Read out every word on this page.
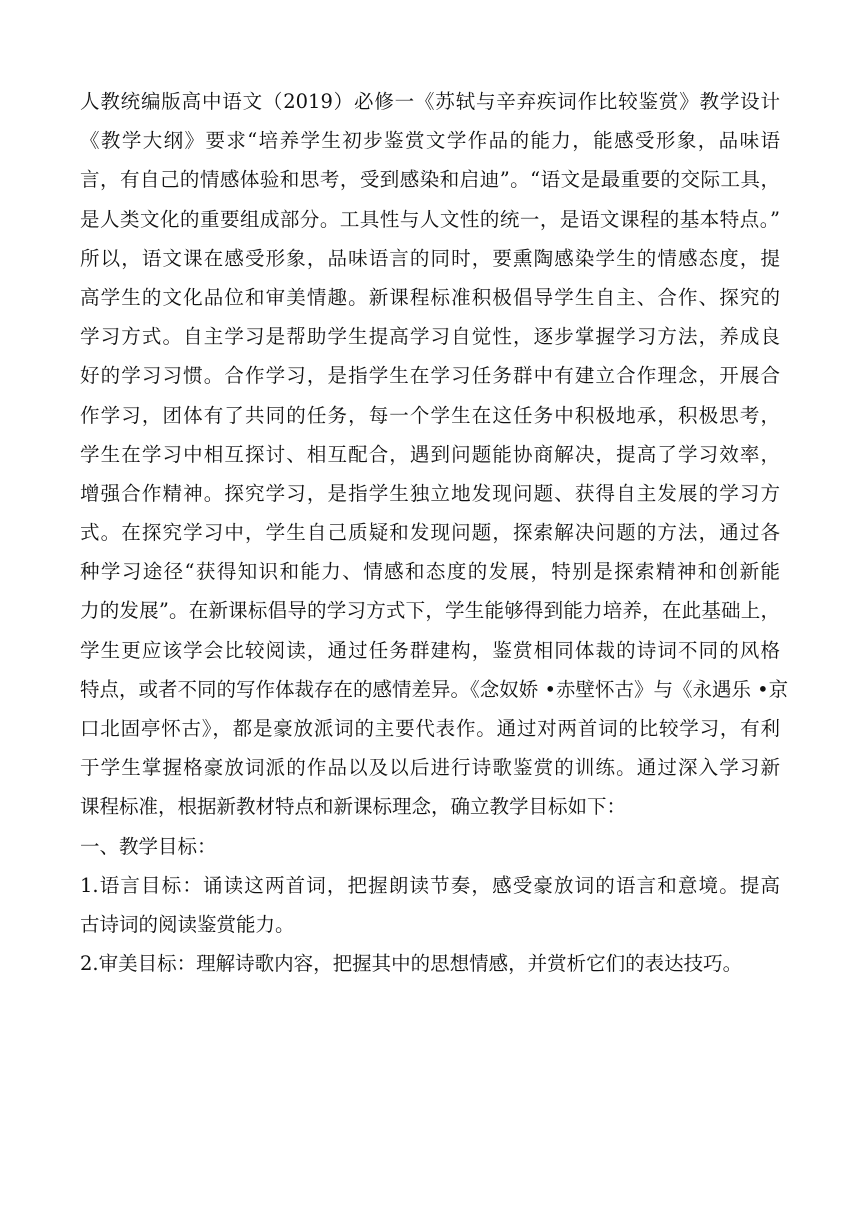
人教统编版高中语文（2019）必修一《苏轼与辛弃疾词作比较鉴赏》教学设计
《教学大纲》要求“培养学生初步鉴赏文学作品的能力，能感受形象，品味语
言，有自己的情感体验和思考，受到感染和启迪”。“语文是最重要的交际工具，
是人类文化的重要组成部分。工具性与人文性的统一，是语文课程的基本特点。”
所以，语文课在感受形象，品味语言的同时，要熏陶感染学生的情感态度，提
高学生的文化品位和审美情趣。新课程标准积极倡导学生自主、合作、探究的
学习方式。自主学习是帮助学生提高学习自觉性，逐步掌握学习方法，养成良
好的学习习惯。合作学习，是指学生在学习任务群中有建立合作理念，开展合
作学习，团体有了共同的任务，每一个学生在这任务中积极地承，积极思考，
学生在学习中相互探讨、相互配合，遇到问题能协商解决，提高了学习效率，
增强合作精神。探究学习，是指学生独立地发现问题、获得自主发展的学习方
式。在探究学习中，学生自己质疑和发现问题，探索解决问题的方法，通过各
种学习途径“获得知识和能力、情感和态度的发展，特别是探索精神和创新能
力的发展”。在新课标倡导的学习方式下，学生能够得到能力培养，在此基础上，
学生更应该学会比较阅读，通过任务群建构，鉴赏相同体裁的诗词不同的风格
特点，或者不同的写作体裁存在的感情差异。《念奴娇 •赤壁怀古》与《永遇乐 •京
口北固亭怀古》，都是豪放派词的主要代表作。通过对两首词的比较学习，有利
于学生掌握格豪放词派的作品以及以后进行诗歌鉴赏的训练。通过深入学习新
课程标准，根据新教材特点和新课标理念，确立教学目标如下：
一、教学目标：
1.语言目标：诵读这两首词，把握朗读节奏，感受豪放词的语言和意境。提高
古诗词的阅读鉴赏能力。
2.审美目标：理解诗歌内容，把握其中的思想情感，并赏析它们的表达技巧。
